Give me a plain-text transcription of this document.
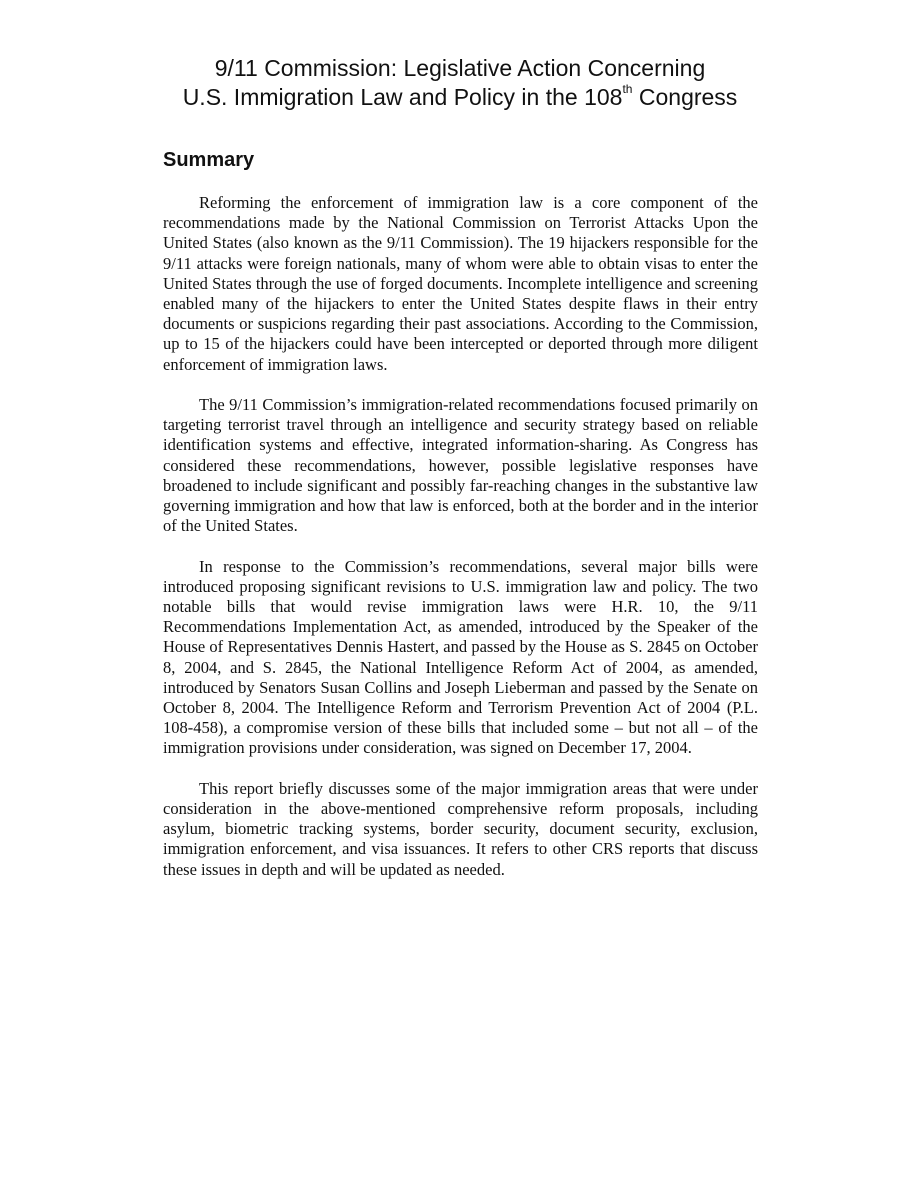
9/11 Commission: Legislative Action Concerning
U.S. Immigration Law and Policy in the 108th Congress
Summary

Reforming the enforcement of immigration law is a core component of the recommendations made by the National Commission on Terrorist Attacks Upon the United States (also known as the 9/11 Commission). The 19 hijackers responsible for the 9/11 attacks were foreign nationals, many of whom were able to obtain visas to enter the United States through the use of forged documents. Incomplete intelligence and screening enabled many of the hijackers to enter the United States despite flaws in their entry documents or suspicions regarding their past associations. According to the Commission, up to 15 of the hijackers could have been intercepted or deported through more diligent enforcement of immigration laws.

The 9/11 Commission’s immigration-related recommendations focused primarily on targeting terrorist travel through an intelligence and security strategy based on reliable identification systems and effective, integrated information-sharing. As Congress has considered these recommendations, however, possible legislative responses have broadened to include significant and possibly far-reaching changes in the substantive law governing immigration and how that law is enforced, both at the border and in the interior of the United States.

In response to the Commission’s recommendations, several major bills were introduced proposing significant revisions to U.S. immigration law and policy. The two notable bills that would revise immigration laws were H.R. 10, the 9/11 Recommendations Implementation Act, as amended, introduced by the Speaker of the House of Representatives Dennis Hastert, and passed by the House as S. 2845 on October 8, 2004, and S. 2845, the National Intelligence Reform Act of 2004, as amended, introduced by Senators Susan Collins and Joseph Lieberman and passed by the Senate on October 8, 2004. The Intelligence Reform and Terrorism Prevention Act of 2004 (P.L. 108-458), a compromise version of these bills that included some – but not all – of the immigration provisions under consideration, was signed on December 17, 2004.

This report briefly discusses some of the major immigration areas that were under consideration in the above-mentioned comprehensive reform proposals, including asylum, biometric tracking systems, border security, document security, exclusion, immigration enforcement, and visa issuances. It refers to other CRS reports that discuss these issues in depth and will be updated as needed.
